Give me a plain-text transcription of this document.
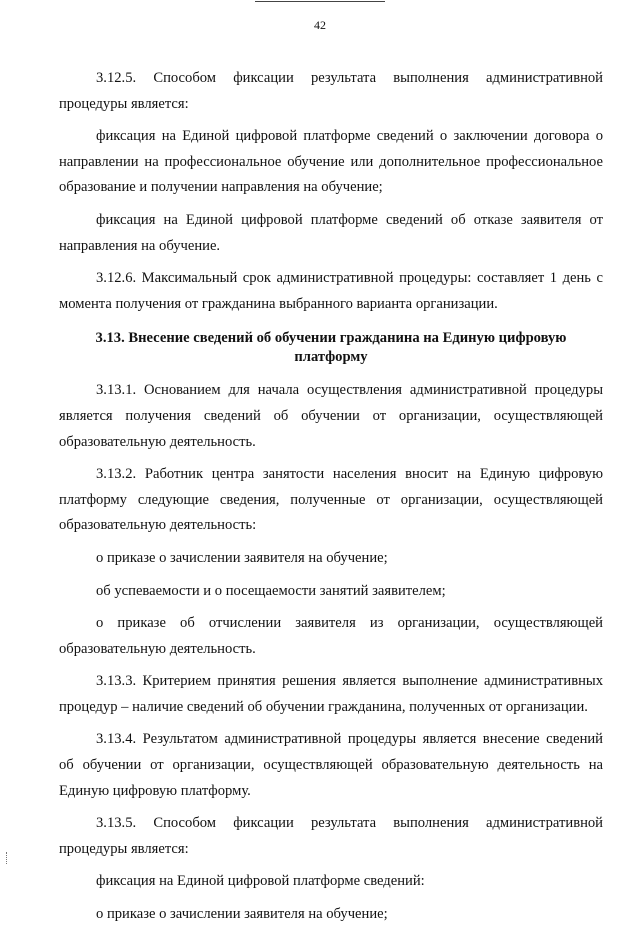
42

3.12.5. Способом фиксации результата выполнения административной процедуры является:

фиксация на Единой цифровой платформе сведений о заключении договора о направлении на профессиональное обучение или дополнительное профессиональное образование и получении направления на обучение;

фиксация на Единой цифровой платформе сведений об отказе заявителя от направления на обучение.

3.12.6. Максимальный срок административной процедуры: составляет 1 день с момента получения от гражданина выбранного варианта организации.

3.13. Внесение сведений об обучении гражданина на Единую цифровую платформу

3.13.1. Основанием для начала осуществления административной процедуры является получения сведений об обучении от организации, осуществляющей образовательную деятельность.

3.13.2. Работник центра занятости населения вносит на Единую цифровую платформу следующие сведения, полученные от организации, осуществляющей образовательную деятельность:

о приказе о зачислении заявителя на обучение;

об успеваемости и о посещаемости занятий заявителем;

о приказе об отчислении заявителя из организации, осуществляющей образовательную деятельность.

3.13.3. Критерием принятия решения является выполнение административных процедур – наличие сведений об обучении гражданина, полученных от организации.

3.13.4. Результатом административной процедуры является внесение сведений об обучении от организации, осуществляющей образовательную деятельность на Единую цифровую платформу.

3.13.5. Способом фиксации результата выполнения административной процедуры является:

фиксация на Единой цифровой платформе сведений:

о приказе о зачислении заявителя на обучение;
